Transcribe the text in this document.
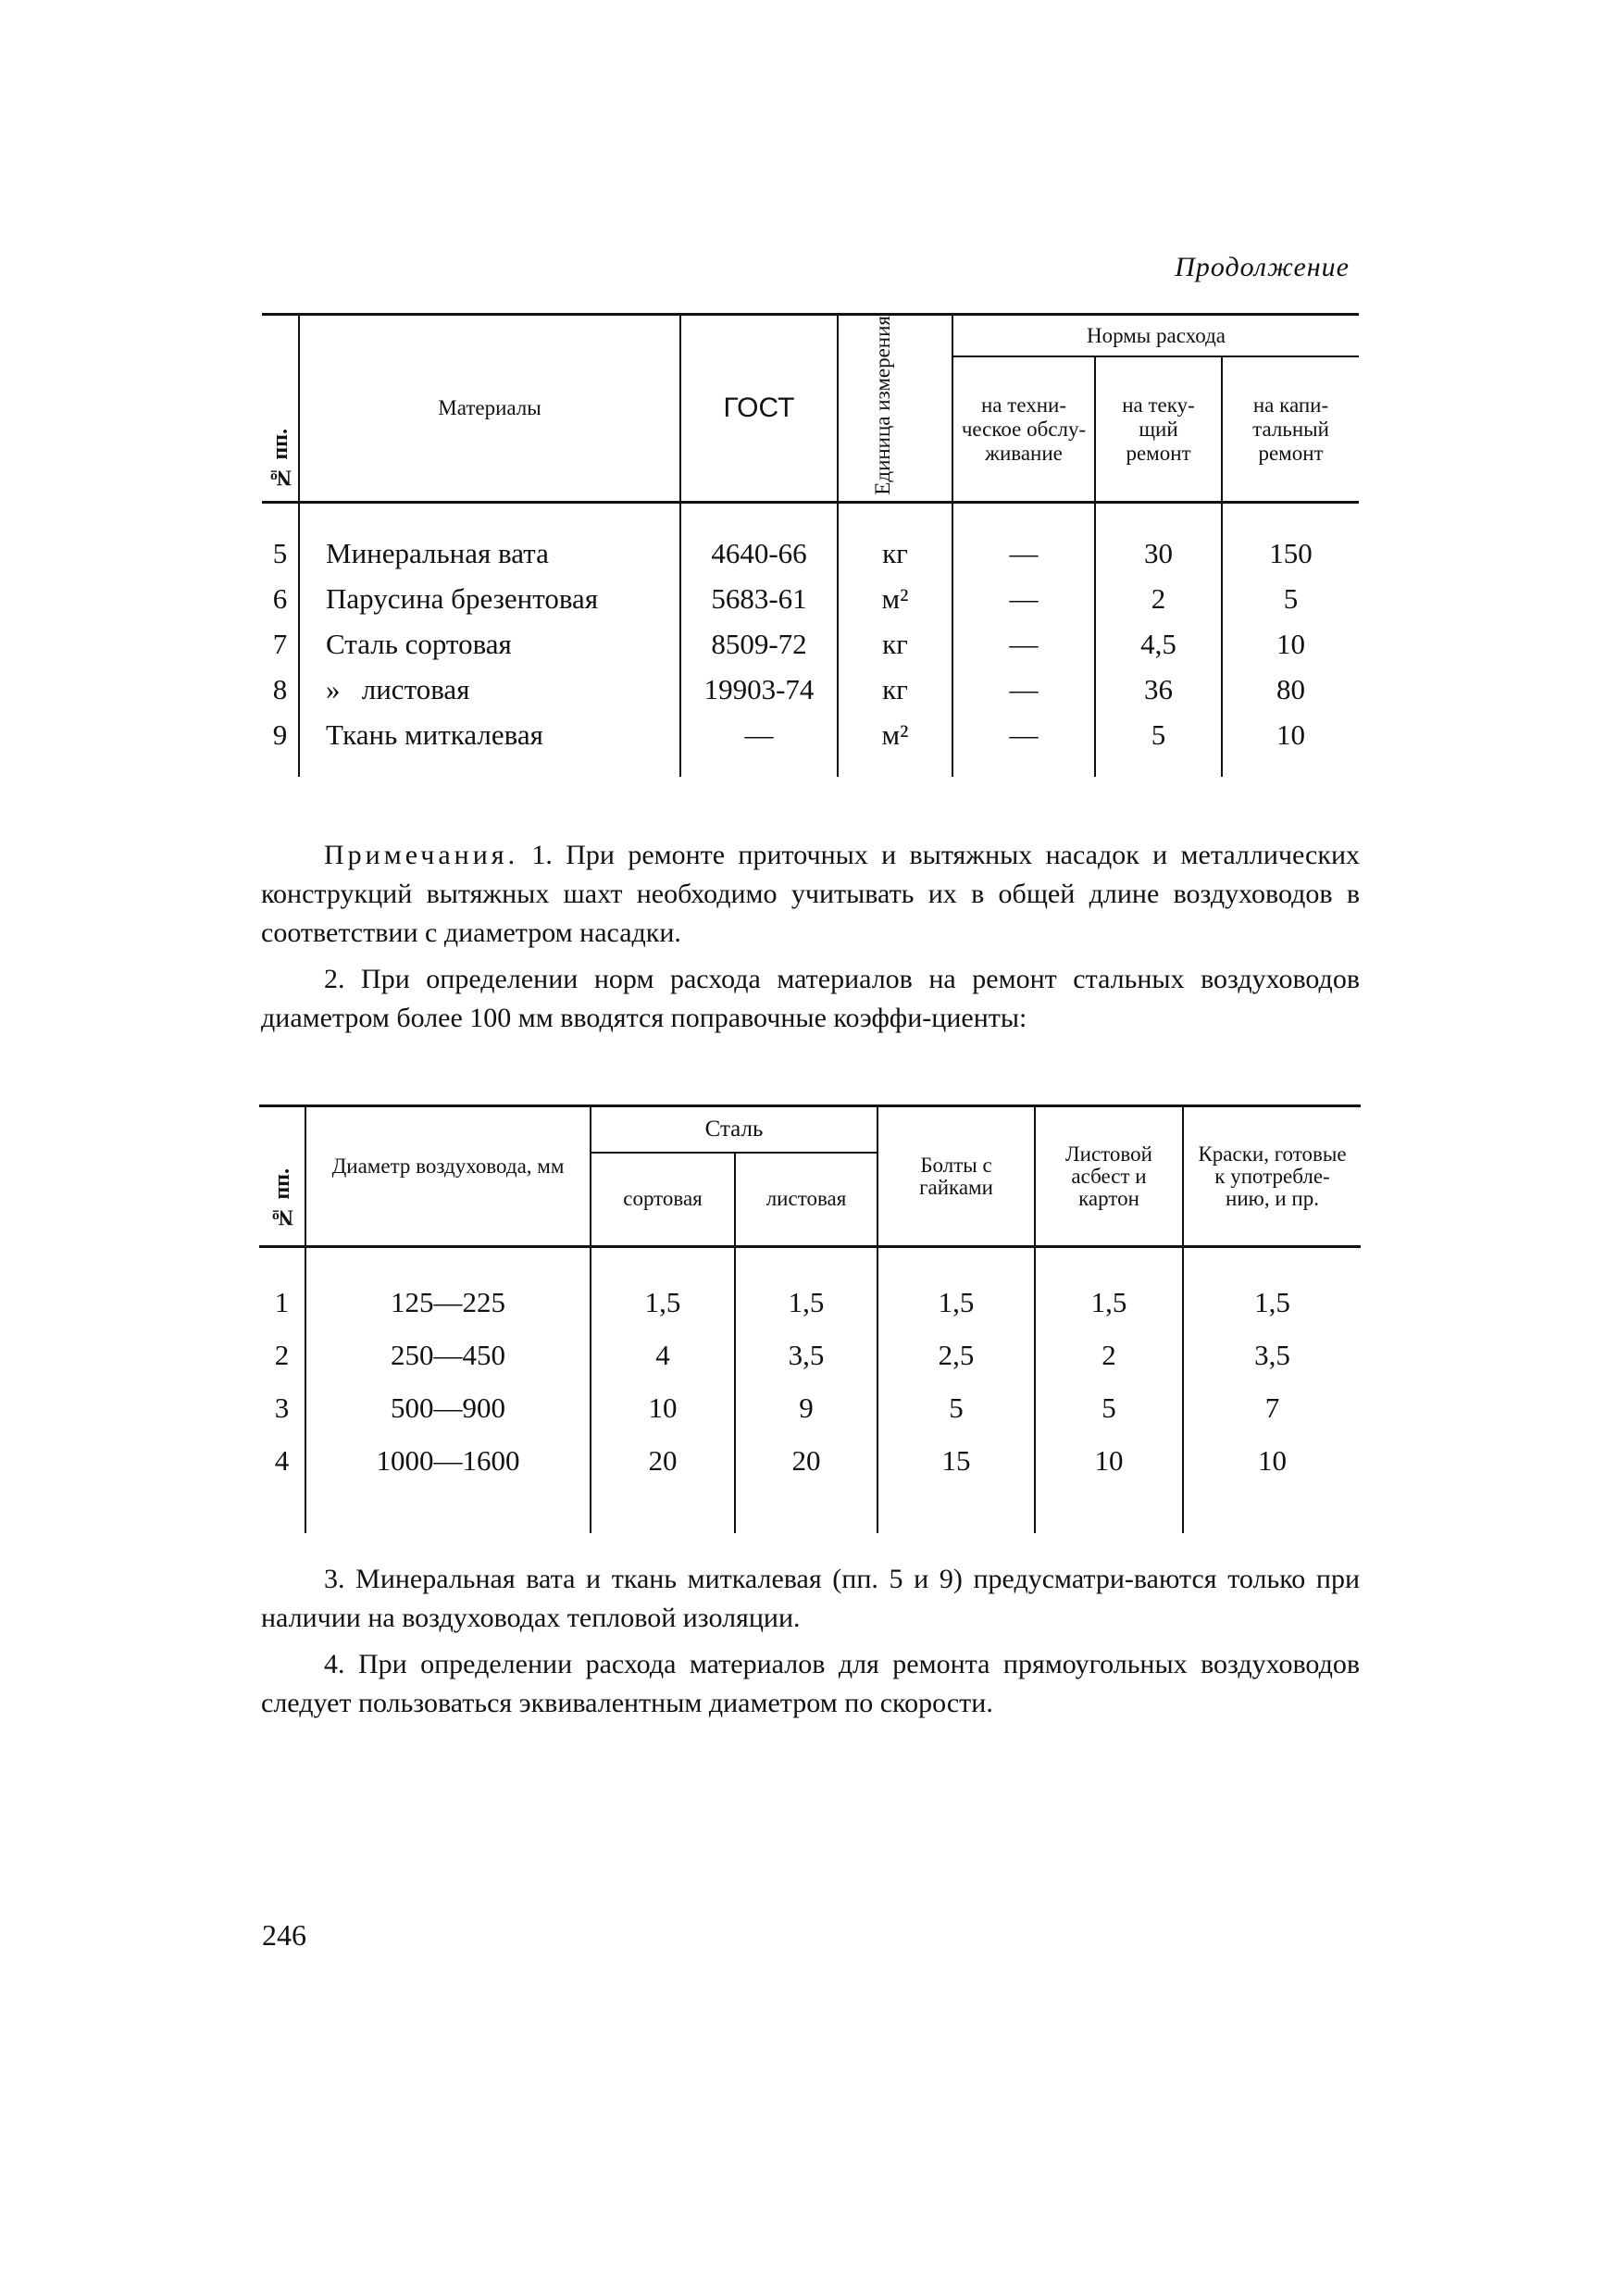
Продолжение
№ пп.	Материалы	ГОСТ	Единица измерения	Нормы расхода		
				на техни-ческое обслу-живание	на теку-щий ремонт	на капи-тальный ремонт

5	Минеральная вата	4640-66	кг	—	30	150
6	Парусина брезентовая	5683-61	м²	—	2	5
7	Сталь сортовая	8509-72	кг	—	4,5	10
8	»   листовая	19903-74	кг	—	36	80
9	Ткань миткалевая	—	м²	—	5	10

Примечания. 1. При ремонте приточных и вытяжных насадок и металлических конструкций вытяжных шахт необходимо учитывать их в общей длине воздуховодов в соответствии с диаметром насадки.

2. При определении норм расхода материалов на ремонт стальных воздуховодов диаметром более 100 мм вводятся поправочные коэффи-циенты:

№ пп.	Диаметр воздуховода, мм	Сталь		Болты с гайками	Листовой асбест и картон	Краски, готовые к употребле-нию, и пр.
		сортовая	листовая			

1	125—225	1,5	1,5	1,5	1,5	1,5
2	250—450	4	3,5	2,5	2	3,5
3	500—900	10	9	5	5	7
4	1000—1600	20	20	15	10	10

3. Минеральная вата и ткань миткалевая (пп. 5 и 9) предусматри-ваются только при наличии на воздуховодах тепловой изоляции.

4. При определении расхода материалов для ремонта прямоугольных воздуховодов следует пользоваться эквивалентным диаметром по скорости.

246
